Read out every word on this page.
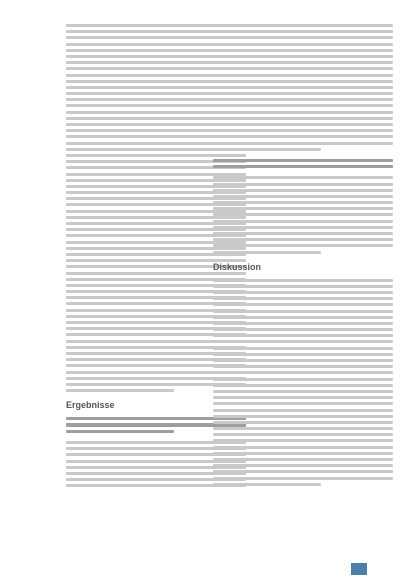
Ergebnisse
Diskussion
